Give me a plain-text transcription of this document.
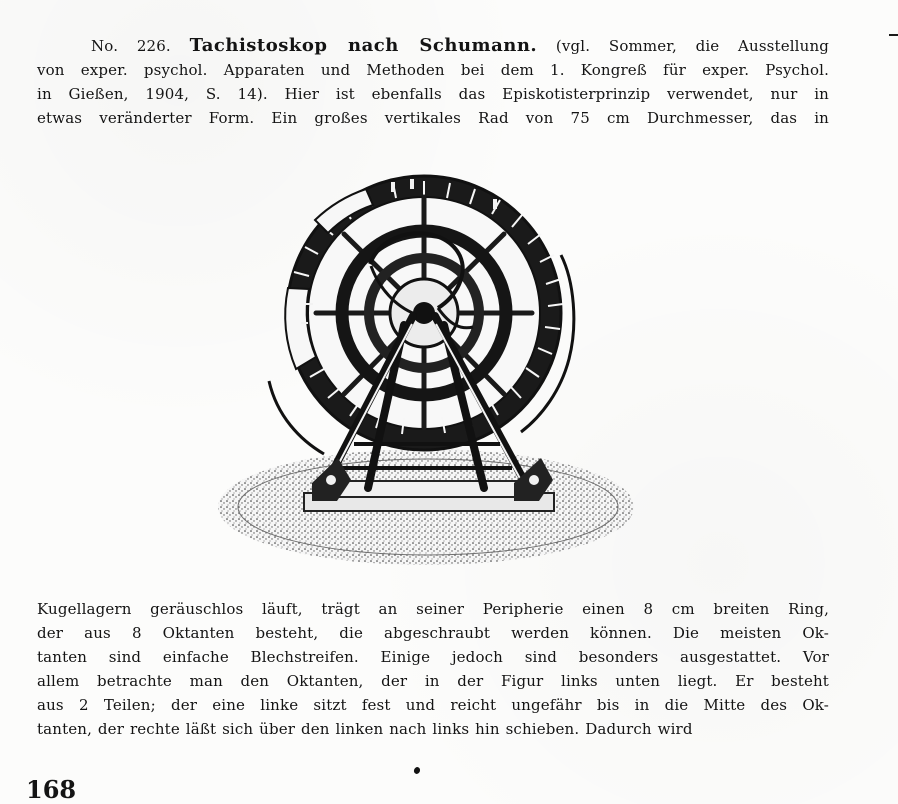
No. 226. Tachistoskop nach Schumann. (vgl. Sommer, die Ausstellung
von exper. psychol. Apparaten und Methoden bei dem 1. Kongreß für exper. Psychol.
in Gießen, 1904, S. 14). Hier ist ebenfalls das Episkotisterprinzip verwendet, nur in
etwas veränderter Form. Ein großes vertikales Rad von 75 cm Durchmesser, das in

Kugellagern geräuschlos läuft, trägt an seiner Peripherie einen 8 cm breiten Ring,
der aus 8 Oktanten besteht, die abgeschraubt werden können. Die meisten Ok-
tanten sind einfache Blechstreifen. Einige jedoch sind besonders ausgestattet. Vor
allem betrachte man den Oktanten, der in der Figur links unten liegt. Er besteht
aus 2 Teilen; der eine linke sitzt fest und reicht ungefähr bis in die Mitte des Ok-
tanten, der rechte läßt sich über den linken nach links hin schieben. Dadurch wird

168
